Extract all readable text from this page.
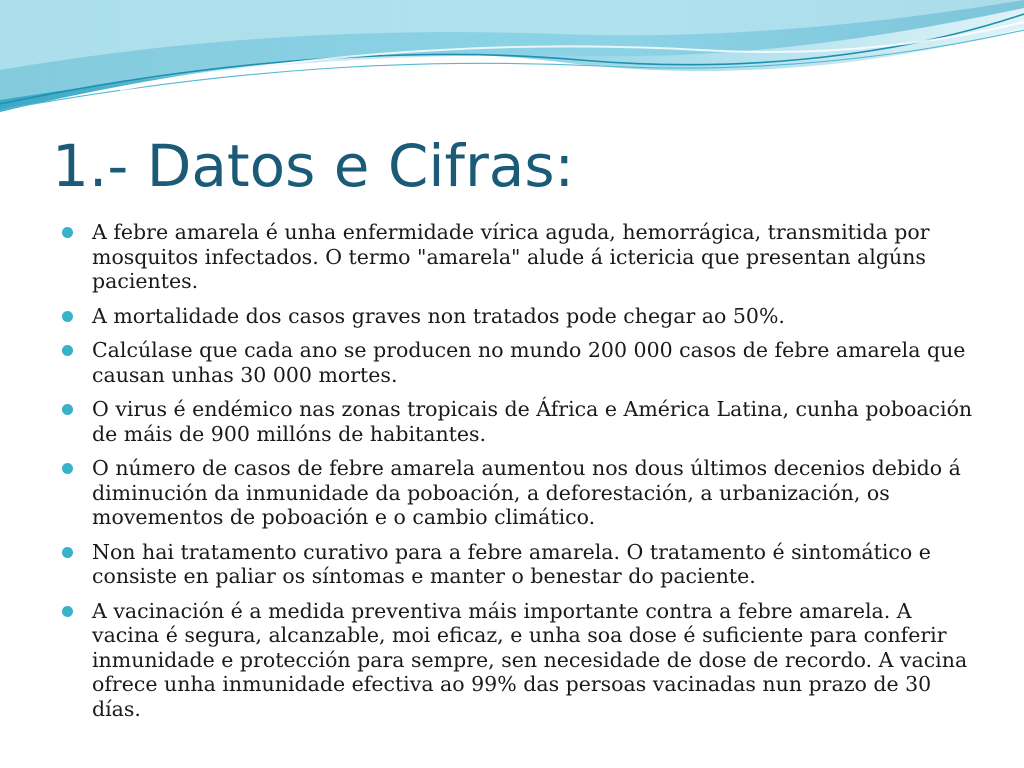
1.- Datos e Cifras:
A febre amarela é unha enfermidade vírica aguda, hemorrágica, transmitida por mosquitos infectados. O termo "amarela" alude á ictericia que presentan algúns pacientes.
A mortalidade dos casos graves non tratados pode chegar ao 50%.
Calcúlase que cada ano se producen no mundo 200 000 casos de febre amarela que causan unhas 30 000 mortes.
O virus é endémico nas zonas tropicais de África e América Latina, cunha poboación de máis de 900 millóns de habitantes.
O número de casos de febre amarela aumentou nos dous últimos decenios debido á diminución da inmunidade da poboación, a deforestación, a urbanización, os movementos de poboación e o cambio climático.
Non hai tratamento curativo para a febre amarela. O tratamento é sintomático e consiste en paliar os síntomas e manter o benestar do paciente.
A vacinación é a medida preventiva máis importante contra a febre amarela. A vacina é segura, alcanzable, moi eficaz, e unha soa dose é suficiente para conferir inmunidade e protección para sempre, sen necesidade de dose de recordo. A vacina ofrece unha inmunidade efectiva ao 99% das persoas vacinadas nun prazo de 30 días.
